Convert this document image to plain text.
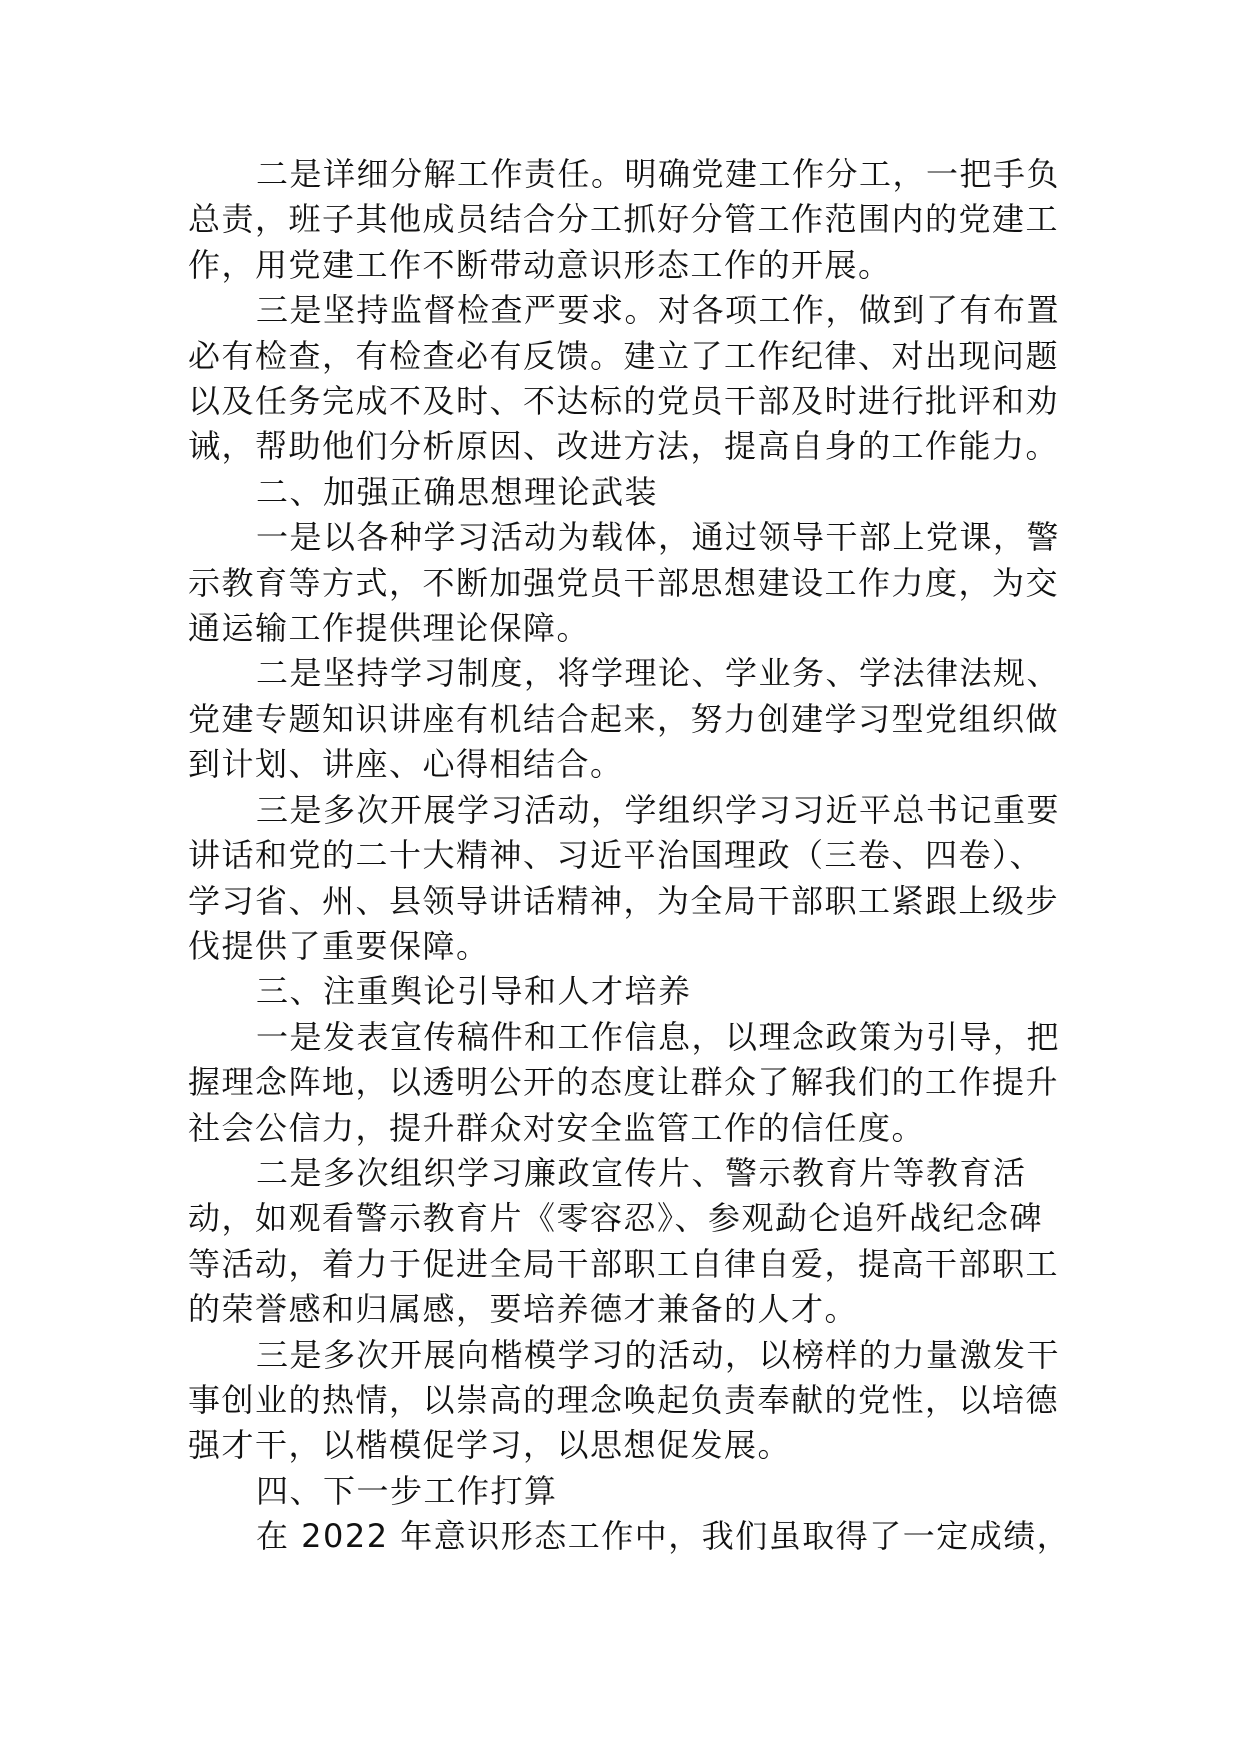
二是详细分解工作责任。明确党建工作分工，一把手负总责，班子其他成员结合分工抓好分管工作范围内的党建工作，用党建工作不断带动意识形态工作的开展。

三是坚持监督检查严要求。对各项工作，做到了有布置必有检查，有检查必有反馈。建立了工作纪律、对出现问题以及任务完成不及时、不达标的党员干部及时进行批评和劝诫，帮助他们分析原因、改进方法，提高自身的工作能力。

二、加强正确思想理论武装

一是以各种学习活动为载体，通过领导干部上党课，警示教育等方式，不断加强党员干部思想建设工作力度，为交通运输工作提供理论保障。

二是坚持学习制度，将学理论、学业务、学法律法规、党建专题知识讲座有机结合起来，努力创建学习型党组织做到计划、讲座、心得相结合。

三是多次开展学习活动，学组织学习习近平总书记重要讲话和党的二十大精神、习近平治国理政（三卷、四卷）、学习省、州、县领导讲话精神，为全局干部职工紧跟上级步伐提供了重要保障。

三、注重舆论引导和人才培养

一是发表宣传稿件和工作信息，以理念政策为引导，把握理念阵地，以透明公开的态度让群众了解我们的工作提升社会公信力，提升群众对安全监管工作的信任度。

二是多次组织学习廉政宣传片、警示教育片等教育活动，如观看警示教育片《零容忍》、参观勐仑追歼战纪念碑等活动，着力于促进全局干部职工自律自爱，提高干部职工的荣誉感和归属感，要培养德才兼备的人才。

三是多次开展向楷模学习的活动，以榜样的力量激发干事创业的热情，以崇高的理念唤起负责奉献的党性，以培德强才干，以楷模促学习，以思想促发展。

四、下一步工作打算

在 2022 年意识形态工作中，我们虽取得了一定成绩，
